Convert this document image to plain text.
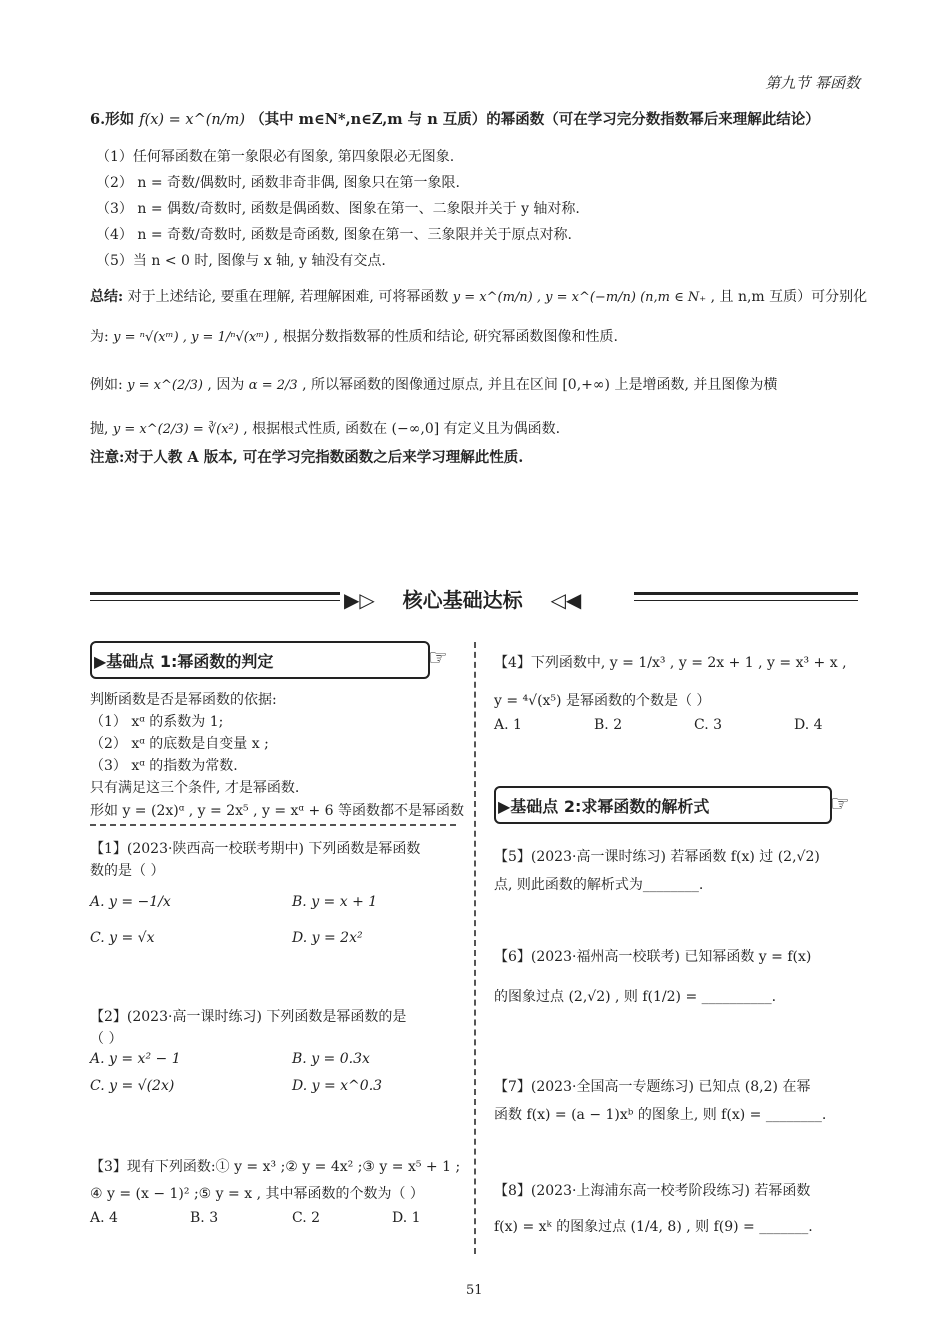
第九节 幂函数
6.形如 f(x) = x^(n/m) （其中 m∈N*,n∈Z,m 与 n 互质）的幂函数（可在学习完分数指数幂后来理解此结论）
（1）任何幂函数在第一象限必有图象, 第四象限必无图象.
（2） n = 奇数/偶数时, 函数非奇非偶, 图象只在第一象限.
（3） n = 偶数/奇数时, 函数是偶函数、图象在第一、二象限并关于 y 轴对称.
（4） n = 奇数/奇数时, 函数是奇函数, 图象在第一、三象限并关于原点对称.
（5）当 n < 0 时, 图像与 x 轴, y 轴没有交点.
总结: 对于上述结论, 要重在理解, 若理解困难, 可将幂函数 y = x^(m/n) , y = x^(−m/n) (n,m ∈ N₊ , 且 n,m 互质）可分别化
为: y = ⁿ√(xᵐ) , y = 1/ⁿ√(xᵐ) , 根据分数指数幂的性质和结论, 研究幂函数图像和性质.
例如: y = x^(2/3) , 因为 α = 2/3 , 所以幂函数的图像通过原点, 并且在区间 [0,+∞) 上是增函数, 并且图像为横
抛, y = x^(2/3) = ∛(x²) , 根据根式性质, 函数在 (−∞,0] 有定义且为偶函数.
注意:对于人教 A 版本, 可在学习完指数函数之后来学习理解此性质.
▶▷ 核心基础达标 ◁◀
▶基础点 1:幂函数的判定	☞
判断函数是否是幂函数的依据:
（1） xᵅ 的系数为 1;
（2） xᵅ 的底数是自变量 x ;
（3） xᵅ 的指数为常数.
只有满足这三个条件, 才是幂函数.
形如 y = (2x)ᵅ , y = 2x⁵ , y = xᵅ + 6 等函数都不是幂函数
【1】(2023·陕西高一校联考期中) 下列函数是幂函数
数的是（ ）
A. y = −1/x	B. y = x + 1
C. y = √x	D. y = 2x²
【2】(2023·高一课时练习) 下列函数是幂函数的是
（ ）
A. y = x² − 1	B. y = 0.3x
C. y = √(2x)	D. y = x^0.3
【3】现有下列函数:① y = x³ ;② y = 4x² ;③ y = x⁵ + 1 ;
④ y = (x − 1)² ;⑤ y = x , 其中幂函数的个数为（ ）
A. 4	B. 3	C. 2	D. 1
【4】下列函数中, y = 1/x³ , y = 2x + 1 , y = x³ + x ,
y = ⁴√(x⁵) 是幂函数的个数是（ ）
A. 1	B. 2	C. 3	D. 4
▶基础点 2:求幂函数的解析式	☞
【5】(2023·高一课时练习) 若幂函数 f(x) 过 (2,√2)
点, 则此函数的解析式为________.
【6】(2023·福州高一校联考) 已知幂函数 y = f(x)
的图象过点 (2,√2) , 则 f(1/2) = __________.
【7】(2023·全国高一专题练习) 已知点 (8,2) 在幂
函数 f(x) = (a − 1)xᵇ 的图象上, 则 f(x) = ________.
【8】(2023·上海浦东高一校考阶段练习) 若幂函数
f(x) = xᵏ 的图象过点 (1/4, 8) , 则 f(9) = _______.
51
